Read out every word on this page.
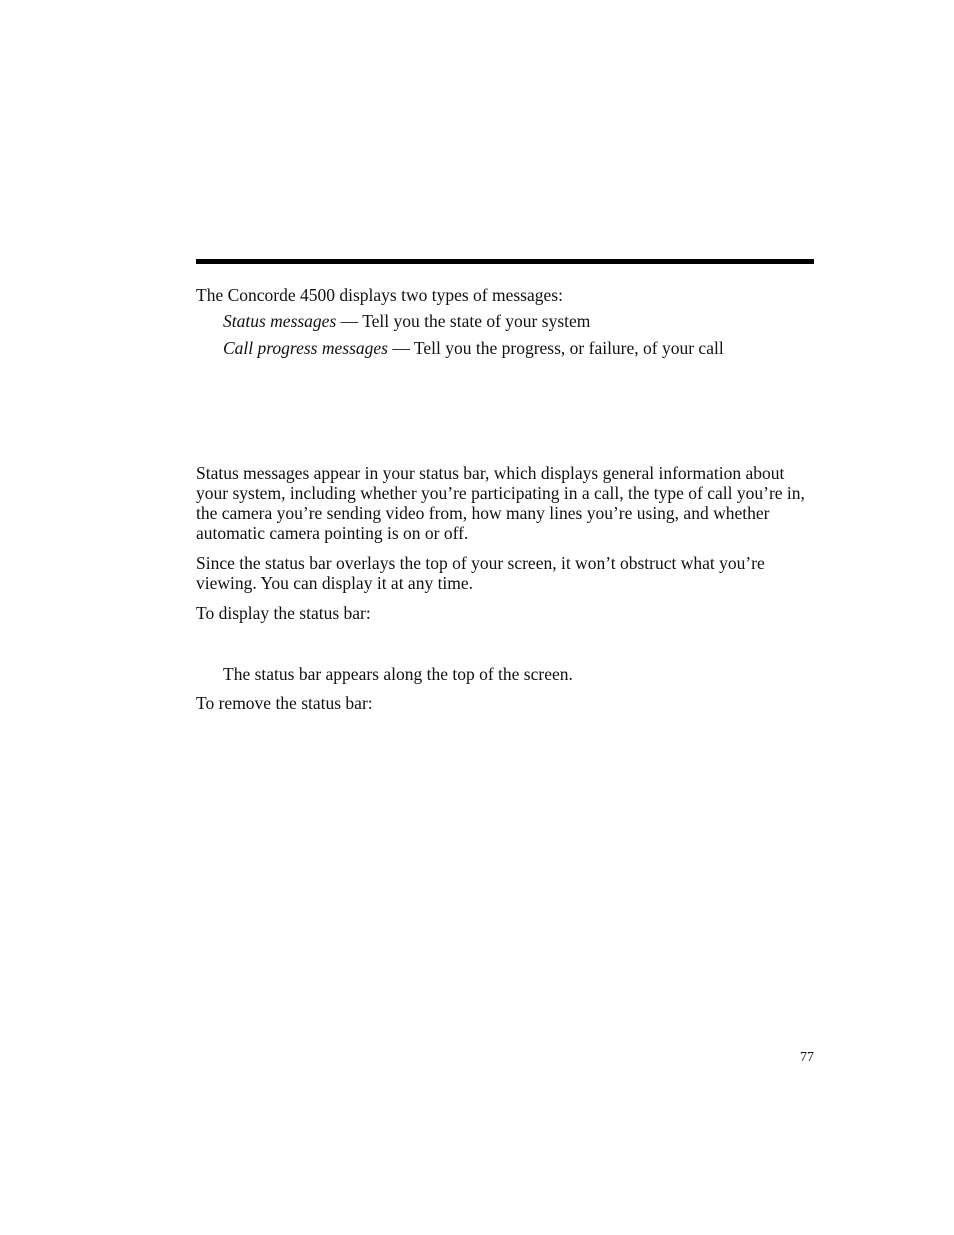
The Concorde 4500 displays two types of messages:

Status messages — Tell you the state of your system

Call progress messages — Tell you the progress, or failure, of your call

Status messages appear in your status bar, which displays general information about your system, including whether you’re participating in a call, the type of call you’re in, the camera you’re sending video from, how many lines you’re using, and whether automatic camera pointing is on or off.

Since the status bar overlays the top of your screen, it won’t obstruct what you’re viewing. You can display it at any time.

To display the status bar:

The status bar appears along the top of the screen.

To remove the status bar:

77
